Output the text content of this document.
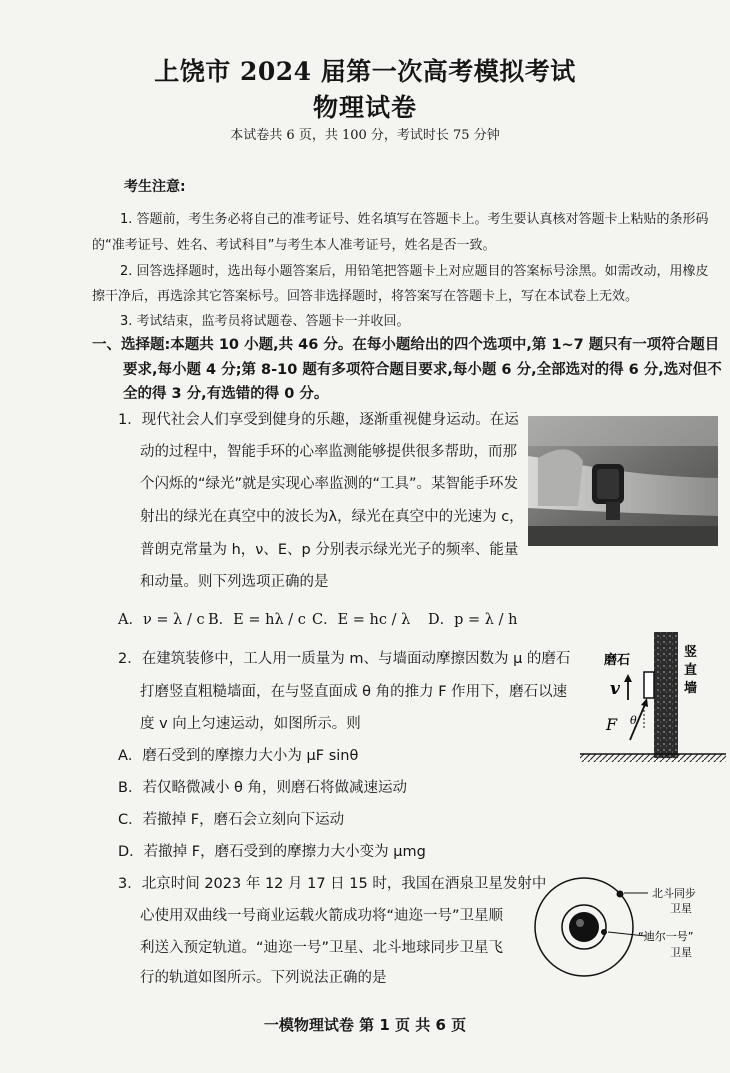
上饶市 2024 届第一次高考模拟考试
物理试卷
本试卷共 6 页，共 100 分，考试时长 75 分钟
考生注意:
1. 答题前，考生务必将自己的准考证号、姓名填写在答题卡上。考生要认真核对答题卡上粘贴的条形码
的“准考证号、姓名、考试科目”与考生本人准考证号，姓名是否一致。
2. 回答选择题时，选出每小题答案后，用铅笔把答题卡上对应题目的答案标号涂黑。如需改动，用橡皮
擦干净后，再选涂其它答案标号。回答非选择题时，将答案写在答题卡上，写在本试卷上无效。
3. 考试结束，监考员将试题卷、答题卡一并收回。
一、选择题:本题共 10 小题,共 46 分。在每小题给出的四个选项中,第 1~7 题只有一项符合题目
要求,每小题 4 分;第 8-10 题有多项符合题目要求,每小题 6 分,全部选对的得 6 分,选对但不
全的得 3 分,有选错的得 0 分。
1．现代社会人们享受到健身的乐趣，逐渐重视健身运动。在运
动的过程中，智能手环的心率监测能够提供很多帮助，而那
个闪烁的“绿光”就是实现心率监测的“工具”。某智能手环发
射出的绿光在真空中的波长为λ，绿光在真空中的光速为 c，
普朗克常量为 h，ν、E、p 分别表示绿光光子的频率、能量
和动量。则下列选项正确的是
A．ν = λ / c B．E = hλ / c C．E = hc / λ D．p = λ / h
2．在建筑装修中，工人用一质量为 m、与墙面动摩擦因数为 μ 的磨石
打磨竖直粗糙墙面，在与竖直面成 θ 角的推力 F 作用下，磨石以速
度 v 向上匀速运动，如图所示。则
A．磨石受到的摩擦力大小为 μF sinθ
B．若仅略微减小 θ 角，则磨石将做减速运动
C．若撤掉 F，磨石会立刻向下运动
D．若撤掉 F，磨石受到的摩擦力大小变为 μmg
磨石
竖
直
墙
v
F θ
3．北京时间 2023 年 12 月 17 日 15 时，我国在酒泉卫星发射中
心使用双曲线一号商业运载火箭成功将“迪迩一号”卫星顺
利送入预定轨道。“迪迩一号”卫星、北斗地球同步卫星飞
行的轨道如图所示。下列说法正确的是
北斗同步
卫星
“迪尔一号”
卫星
一模物理试卷 第 1 页 共 6 页
